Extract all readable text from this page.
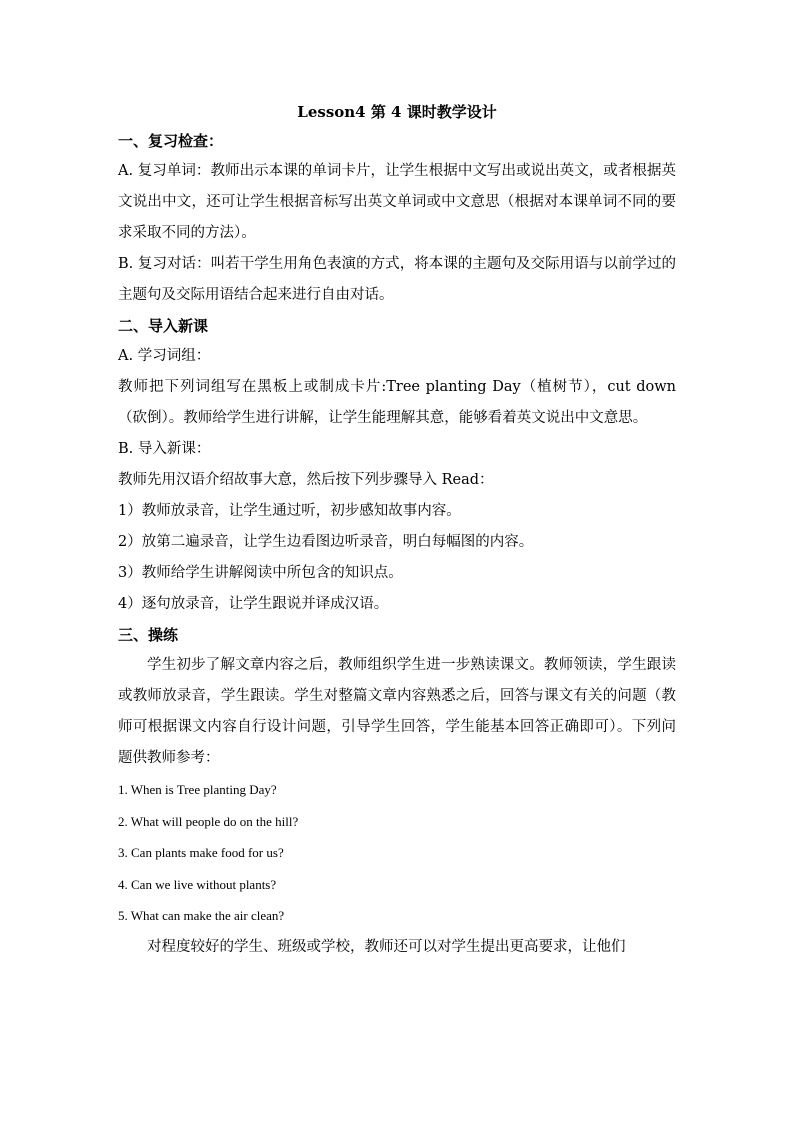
Lesson4 第 4 课时教学设计
一、复习检查：

A. 复习单词：教师出示本课的单词卡片，让学生根据中文写出或说出英文，或者根据英文说出中文，还可让学生根据音标写出英文单词或中文意思（根据对本课单词不同的要求采取不同的方法）。

B. 复习对话：叫若干学生用角色表演的方式，将本课的主题句及交际用语与以前学过的主题句及交际用语结合起来进行自由对话。

二、导入新课
A. 学习词组：

教师把下列词组写在黑板上或制成卡片:Tree planting Day（植树节），cut down（砍倒）。教师给学生进行讲解，让学生能理解其意，能够看着英文说出中文意思。

B. 导入新课：
教师先用汉语介绍故事大意，然后按下列步骤导入 Read：
1）教师放录音，让学生通过听，初步感知故事内容。
2）放第二遍录音，让学生边看图边听录音，明白每幅图的内容。
3）教师给学生讲解阅读中所包含的知识点。
4）逐句放录音，让学生跟说并译成汉语。
三、操练

学生初步了解文章内容之后，教师组织学生进一步熟读课文。教师领读，学生跟读或教师放录音，学生跟读。学生对整篇文章内容熟悉之后，回答与课文有关的问题（教师可根据课文内容自行设计问题，引导学生回答，学生能基本回答正确即可）。下列问题供教师参考：

1. When is Tree planting Day?
2. What will people do on the hill?
3. Can plants make food for us?
4. Can we live without plants?
5. What can make the air clean?

对程度较好的学生、班级或学校，教师还可以对学生提出更高要求，让他们
